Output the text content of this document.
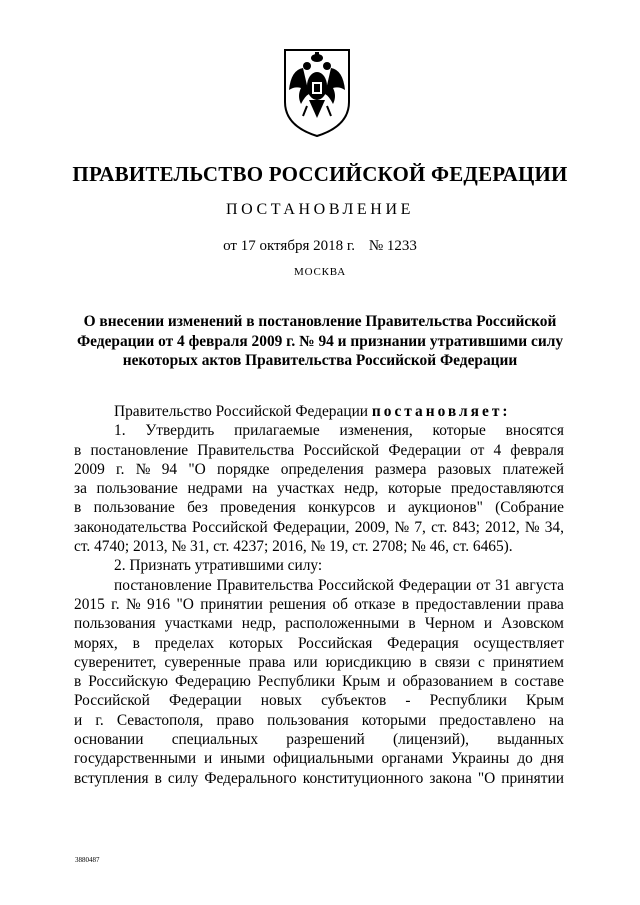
ПРАВИТЕЛЬСТВО РОССИЙСКОЙ ФЕДЕРАЦИИ
ПОСТАНОВЛЕНИЕ
от 17 октября 2018 г. № 1233
МОСКВА
О внесении изменений в постановление Правительства Российской
Федерации от 4 февраля 2009 г. № 94 и признании утратившими силу
некоторых актов Правительства Российской Федерации
Правительство Российской Федерации
постановляет:
1. Утвердить прилагаемые изменения, которые вносятся
в постановление Правительства Российской Федерации от 4 февраля
2009 г. № 94 "О порядке определения размера разовых платежей
за пользование недрами на участках недр, которые предоставляются
в пользование без проведения конкурсов и аукционов" (Собрание
законодательства Российской Федерации, 2009, № 7, ст. 843; 2012, № 34,
ст. 4740; 2013, № 31, ст. 4237; 2016, № 19, ст. 2708; № 46, ст. 6465).
2. Признать утратившими силу:
постановление Правительства Российской Федерации от 31 августа
2015 г. № 916 "О принятии решения об отказе в предоставлении права
пользования участками недр, расположенными в Черном и Азовском
морях, в пределах которых Российская Федерация осуществляет
суверенитет, суверенные права или юрисдикцию в связи с принятием
в Российскую Федерацию Республики Крым и образованием в составе
Российской Федерации новых субъектов - Республики Крым
и г. Севастополя, право пользования которыми предоставлено на
основании специальных разрешений (лицензий), выданных
государственными и иными официальными органами Украины до дня
вступления в силу Федерального конституционного закона "О принятии
3880487
